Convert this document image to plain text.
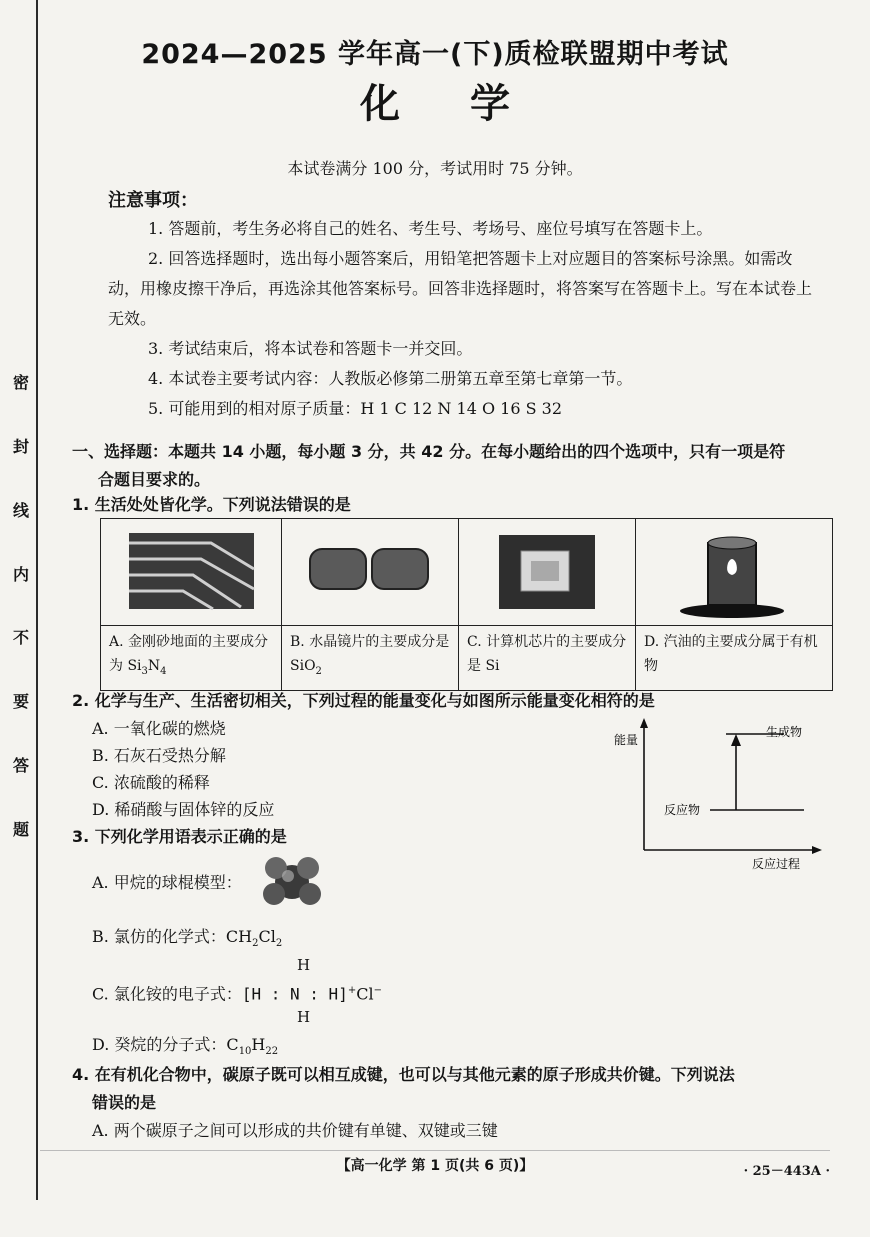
密
封
线
内
不
要
答
题
2024—2025 学年高一(下)质检联盟期中考试
化学
本试卷满分 100 分，考试用时 75 分钟。
注意事项：

1. 答题前，考生务必将自己的姓名、考生号、考场号、座位号填写在答题卡上。

2. 回答选择题时，选出每小题答案后，用铅笔把答题卡上对应题目的答案标号涂黑。如需改动，用橡皮擦干净后，再选涂其他答案标号。回答非选择题时，将答案写在答题卡上。写在本试卷上无效。

3. 考试结束后，将本试卷和答题卡一并交回。

4. 本试卷主要考试内容：人教版必修第二册第五章至第七章第一节。

5. 可能用到的相对原子质量：H 1 C 12 N 14 O 16 S 32

一、选择题：本题共 14 小题，每小题 3 分，共 42 分。在每小题给出的四个选项中，只有一项是符
合题目要求的。
1. 生活处处皆化学。下列说法错误的是

A. 金刚砂地面的主要成分为 $Si_3N_4$	B. 水晶镜片的主要成分是 SiO$_2$	C. 计算机芯片的主要成分是 Si	D. 汽油的主要成分属于有机物
2. 化学与生产、生活密切相关，下列过程的能量变化与如图所示能量变化相符的是
A. 一氧化碳的燃烧
B. 石灰石受热分解
C. 浓硫酸的稀释
D. 稀硝酸与固体锌的反应
能量
生成物
反应物
反应过程
3. 下列化学用语表示正确的是
A. 甲烷的球棍模型：
B. 氯仿的化学式：$CH_2Cl_2$
C. 氯化铵的电子式：[H : N : H]+Cl−
H
H
D. 癸烷的分子式：$C_{10}H_{22}$
4. 在有机化合物中，碳原子既可以相互成键，也可以与其他元素的原子形成共价键。下列说法
错误的是
A. 两个碳原子之间可以形成的共价键有单键、双键或三键
【高一化学 第 1 页(共 6 页)】	· 25－443A ·
